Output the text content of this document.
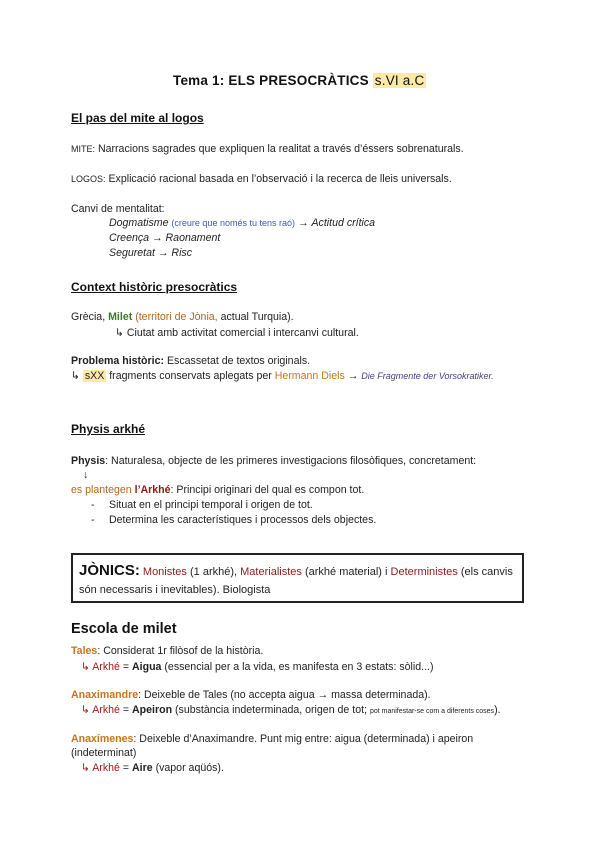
Tema 1: ELS PRESOCRÀTICS s.VI a.C
El pas del mite al logos
MITE: Narracions sagrades que expliquen la realitat a través d’éssers sobrenaturals.
LOGOS: Explicació racional basada en l’observació i la recerca de lleis universals.
Canvi de mentalitat:
Dogmatisme (creure que només tu tens raó) → Actitud crítica
Creença → Raonament
Seguretat → Risc
Context històric presocràtics
Grècia, Milet (territori de Jònia, actual Turquia).
↳ Ciutat amb activitat comercial i intercanvi cultural.
Problema històric: Escassetat de textos originals.
↳ sXX fragments conservats aplegats per Hermann Diels → Die Fragmente der Vorsokratiker.
Physis arkhé
Physis: Naturalesa, objecte de les primeres investigacions filosòfiques, concretament:
↓
es plantegen l’Arkhé: Principi originari del qual es compon tot.
- Situat en el principi temporal i origen de tot.
- Determina les característiques i processos dels objectes.
JÒNICS: Monistes (1 arkhé), Materialistes (arkhé material) i Deterministes (els canvis són necessaris i inevitables). Biologista
Escola de milet
Tales: Considerat 1r filòsof de la història.
↳ Arkhé = Aigua (essencial per a la vida, es manifesta en 3 estats: sòlid...)
Anaximandre: Deixeble de Tales (no accepta aigua → massa determinada).
↳ Arkhé = Apeiron (substància indeterminada, origen de tot; pot manifestar-se com a diferents coses).
Anaxímenes: Deixeble d’Anaximandre. Punt mig entre: aigua (determinada) i apeiron
(indeterminat)
↳ Arkhé = Aire (vapor aqüós).
